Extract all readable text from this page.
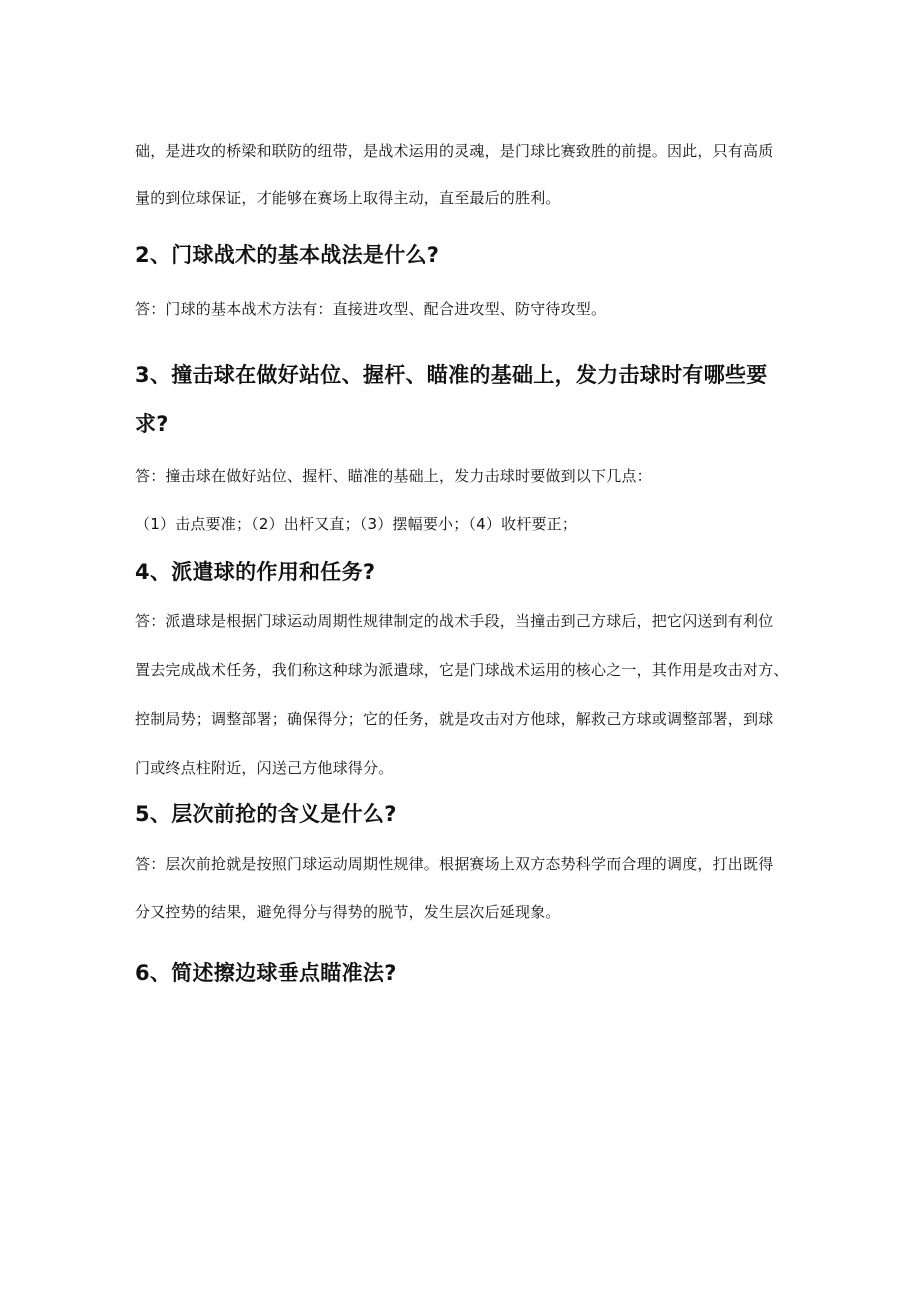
础，是进攻的桥梁和联防的纽带，是战术运用的灵魂，是门球比赛致胜的前提。因此，只有高质

量的到位球保证，才能够在赛场上取得主动，直至最后的胜利。

2、门球战术的基本战法是什么?

答：门球的基本战术方法有：直接进攻型、配合进攻型、防守待攻型。

3、撞击球在做好站位、握杆、瞄准的基础上，发力击球时有哪些要
求?

答：撞击球在做好站位、握杆、瞄准的基础上，发力击球时要做到以下几点：

（1）击点要准；（2）出杆又直；（3）摆幅要小；（4）收杆要正；

4、派遣球的作用和任务?

答：派遣球是根据门球运动周期性规律制定的战术手段，当撞击到己方球后，把它闪送到有利位

置去完成战术任务，我们称这种球为派遣球，它是门球战术运用的核心之一，其作用是攻击对方、

控制局势；调整部署；确保得分；它的任务，就是攻击对方他球，解救己方球或调整部署，到球

门或终点柱附近，闪送己方他球得分。

5、层次前抢的含义是什么?

答：层次前抢就是按照门球运动周期性规律。根据赛场上双方态势科学而合理的调度，打出既得

分又控势的结果，避免得分与得势的脱节，发生层次后延现象。

6、简述擦边球垂点瞄准法?
